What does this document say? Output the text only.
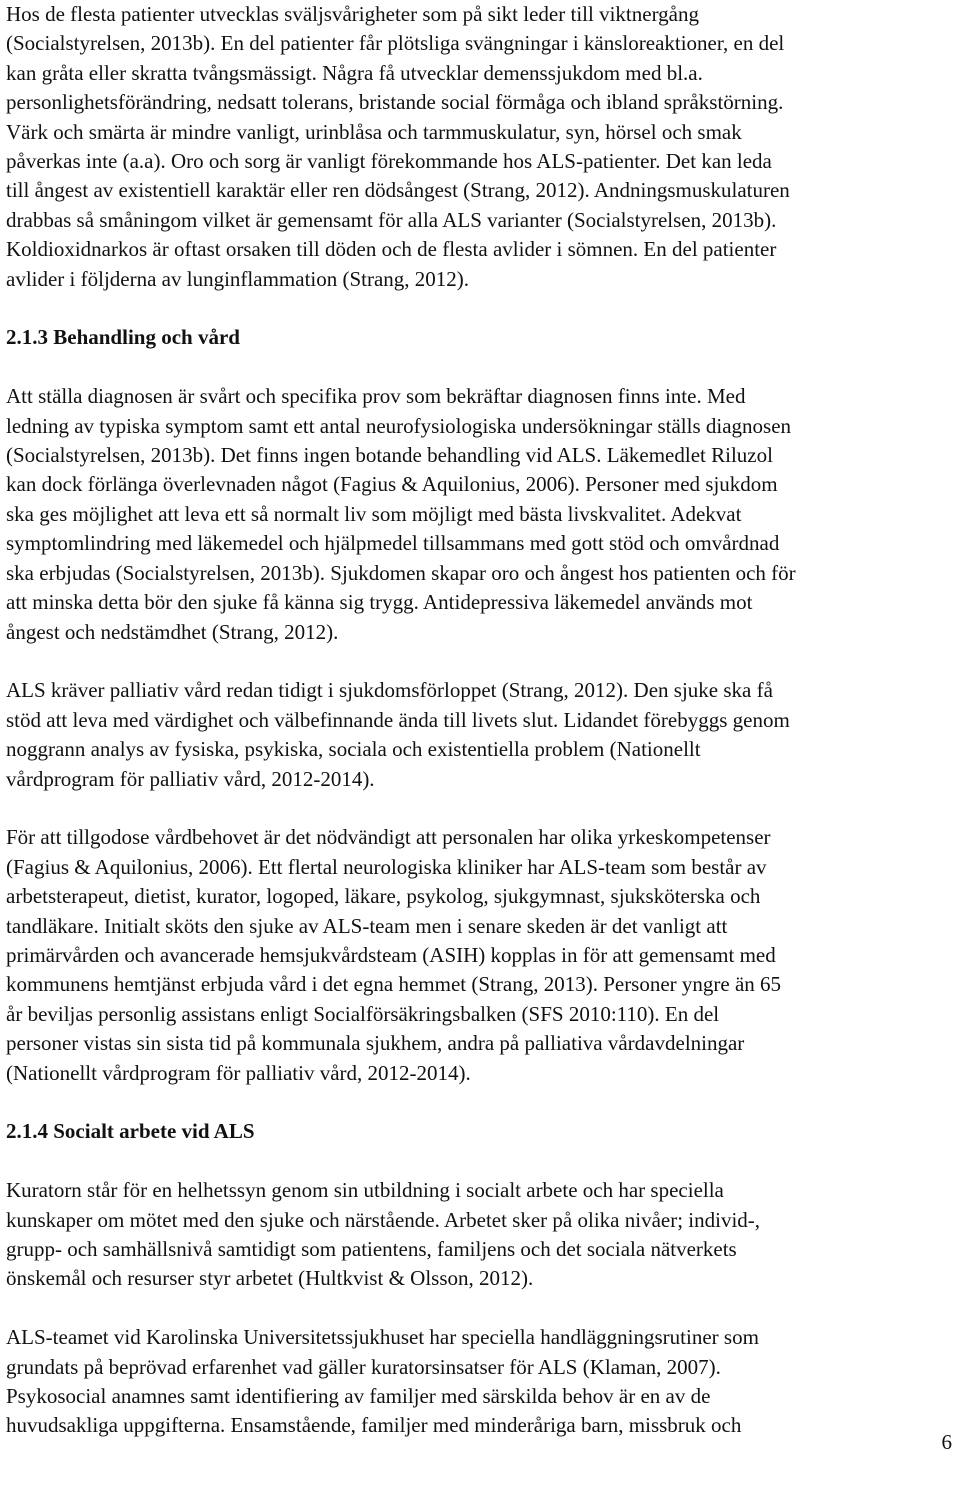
Hos de flesta patienter utvecklas sväljsvårigheter som på sikt leder till viktnergång
(Socialstyrelsen, 2013b). En del patienter får plötsliga svängningar i känsloreaktioner, en del
kan gråta eller skratta tvångsmässigt. Några få utvecklar demenssjukdom med bl.a.
personlighetsförändring, nedsatt tolerans, bristande social förmåga och ibland språkstörning.
Värk och smärta är mindre vanligt, urinblåsa och tarmmuskulatur, syn, hörsel och smak
påverkas inte (a.a). Oro och sorg är vanligt förekommande hos ALS-patienter. Det kan leda
till ångest av existentiell karaktär eller ren dödsångest (Strang, 2012). Andningsmuskulaturen
drabbas så småningom vilket är gemensamt för alla ALS varianter (Socialstyrelsen, 2013b).
Koldioxidnarkos är oftast orsaken till döden och de flesta avlider i sömnen. En del patienter
avlider i följderna av lunginflammation (Strang, 2012).
2.1.3 Behandling och vård
Att ställa diagnosen är svårt och specifika prov som bekräftar diagnosen finns inte. Med
ledning av typiska symptom samt ett antal neurofysiologiska undersökningar ställs diagnosen
(Socialstyrelsen, 2013b). Det finns ingen botande behandling vid ALS. Läkemedlet Riluzol
kan dock förlänga överlevnaden något (Fagius & Aquilonius, 2006). Personer med sjukdom
ska ges möjlighet att leva ett så normalt liv som möjligt med bästa livskvalitet. Adekvat
symptomlindring med läkemedel och hjälpmedel tillsammans med gott stöd och omvårdnad
ska erbjudas (Socialstyrelsen, 2013b). Sjukdomen skapar oro och ångest hos patienten och för
att minska detta bör den sjuke få känna sig trygg. Antidepressiva läkemedel används mot
ångest och nedstämdhet (Strang, 2012).
ALS kräver palliativ vård redan tidigt i sjukdomsförloppet (Strang, 2012). Den sjuke ska få
stöd att leva med värdighet och välbefinnande ända till livets slut. Lidandet förebyggs genom
noggrann analys av fysiska, psykiska, sociala och existentiella problem (Nationellt
vårdprogram för palliativ vård, 2012-2014).
För att tillgodose vårdbehovet är det nödvändigt att personalen har olika yrkeskompetenser
(Fagius & Aquilonius, 2006). Ett flertal neurologiska kliniker har ALS-team som består av
arbetsterapeut, dietist, kurator, logoped, läkare, psykolog, sjukgymnast, sjuksköterska och
tandläkare. Initialt sköts den sjuke av ALS-team men i senare skeden är det vanligt att
primärvården och avancerade hemsjukvårdsteam (ASIH) kopplas in för att gemensamt med
kommunens hemtjänst erbjuda vård i det egna hemmet (Strang, 2013). Personer yngre än 65
år beviljas personlig assistans enligt Socialförsäkringsbalken (SFS 2010:110). En del
personer vistas sin sista tid på kommunala sjukhem, andra på palliativa vårdavdelningar
(Nationellt vårdprogram för palliativ vård, 2012-2014).
2.1.4 Socialt arbete vid ALS
Kuratorn står för en helhetssyn genom sin utbildning i socialt arbete och har speciella
kunskaper om mötet med den sjuke och närstående. Arbetet sker på olika nivåer; individ-,
grupp- och samhällsnivå samtidigt som patientens, familjens och det sociala nätverkets
önskemål och resurser styr arbetet (Hultkvist & Olsson, 2012).
ALS-teamet vid Karolinska Universitetssjukhuset har speciella handläggningsrutiner som
grundats på beprövad erfarenhet vad gäller kuratorsinsatser för ALS (Klaman, 2007).
Psykosocial anamnes samt identifiering av familjer med särskilda behov är en av de
huvudsakliga uppgifterna. Ensamstående, familjer med minderåriga barn, missbruk och
6
